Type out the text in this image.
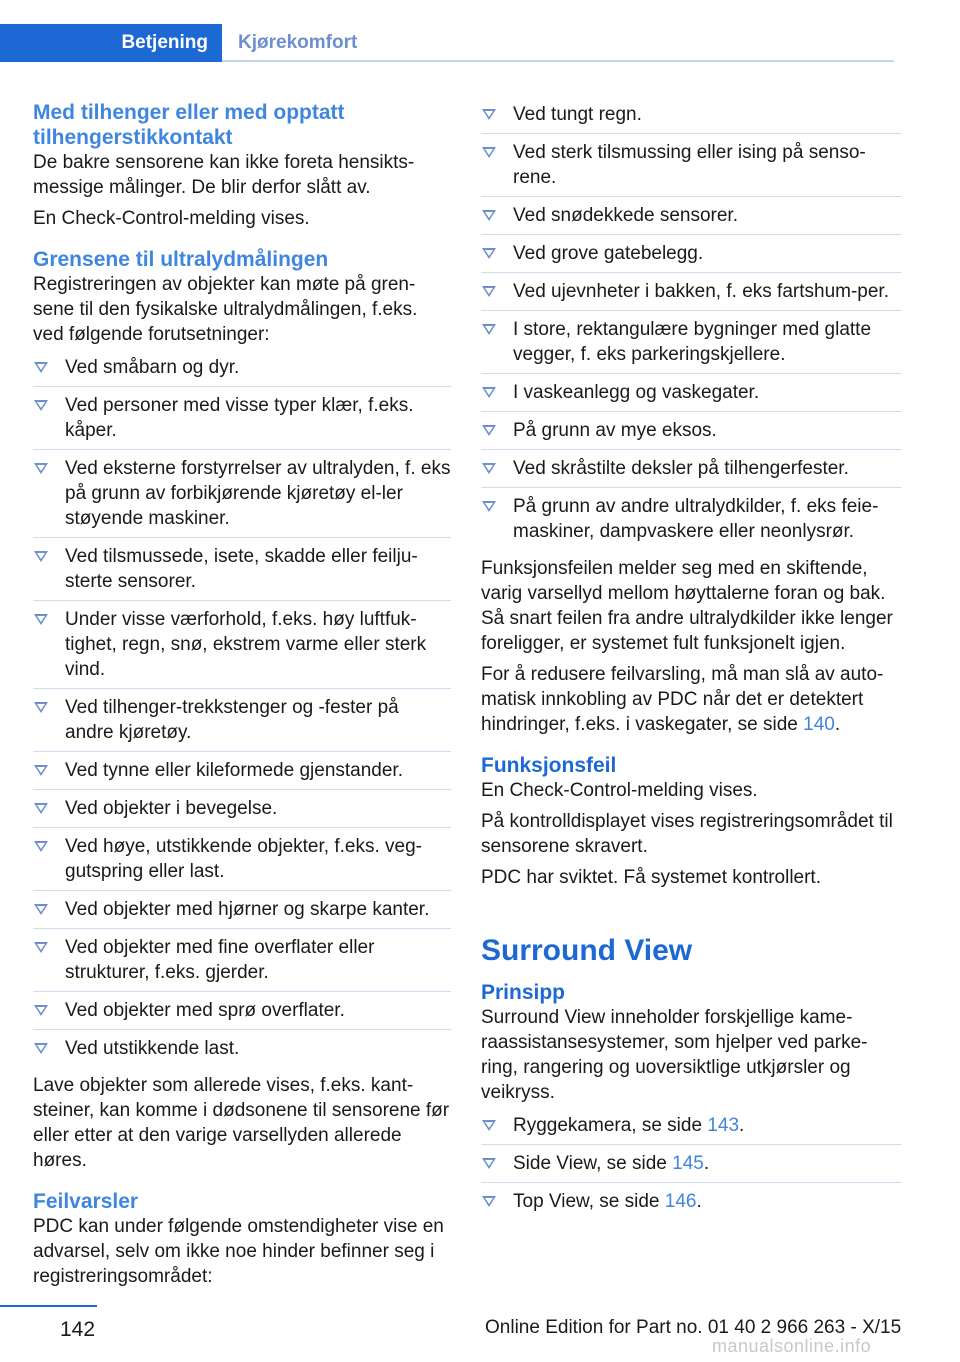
Betjening	Kjørekomfort
Med tilhenger eller med opptatt tilhengerstikkontakt

De bakre sensorene kan ikke foreta hensikts-messige målinger. De blir derfor slått av.

En Check-Control-melding vises.

Grensene til ultralydmålingen

Registreringen av objekter kan møte på gren-sene til den fysikalske ultralydmålingen, f.eks. ved følgende forutsetninger:

Ved småbarn og dyr.
Ved personer med visse typer klær, f.eks. kåper.
Ved eksterne forstyrrelser av ultralyden, f. eks på grunn av forbikjørende kjøretøy el-ler støyende maskiner.
Ved tilsmussede, isete, skadde eller feilju-sterte sensorer.
Under visse værforhold, f.eks. høy luftfuk-tighet, regn, snø, ekstrem varme eller sterk vind.
Ved tilhenger-trekkstenger og -fester på andre kjøretøy.
Ved tynne eller kileformede gjenstander.
Ved objekter i bevegelse.
Ved høye, utstikkende objekter, f.eks. veg-gutspring eller last.
Ved objekter med hjørner og skarpe kanter.
Ved objekter med fine overflater eller strukturer, f.eks. gjerder.
Ved objekter med sprø overflater.
Ved utstikkende last.

Lave objekter som allerede vises, f.eks. kant-steiner, kan komme i dødsonene til sensorene før eller etter at den varige varsellyden allerede høres.

Feilvarsler

PDC kan under følgende omstendigheter vise en advarsel, selv om ikke noe hinder befinner seg i registreringsområdet:

Ved tungt regn.
Ved sterk tilsmussing eller ising på senso-rene.
Ved snødekkede sensorer.
Ved grove gatebelegg.
Ved ujevnheter i bakken, f. eks fartshum-per.
I store, rektangulære bygninger med glatte vegger, f. eks parkeringskjellere.
I vaskeanlegg og vaskegater.
På grunn av mye eksos.
Ved skråstilte deksler på tilhengerfester.
På grunn av andre ultralydkilder, f. eks feie-maskiner, dampvaskere eller neonlysrør.

Funksjonsfeilen melder seg med en skiftende, varig varsellyd mellom høyttalerne foran og bak. Så snart feilen fra andre ultralydkilder ikke lenger foreligger, er systemet fult funksjonelt igjen.

For å redusere feilvarsling, må man slå av auto-matisk innkobling av PDC når det er detektert hindringer, f.eks. i vaskegater, se side 140.

Funksjonsfeil

En Check-Control-melding vises.

På kontrolldisplayet vises registreringsområdet til sensorene skravert.

PDC har sviktet. Få systemet kontrollert.

Surround View
Prinsipp

Surround View inneholder forskjellige kame-raassistansesystemer, som hjelper ved parke-ring, rangering og uoversiktlige utkjørsler og veikryss.

Ryggekamera, se side 143.
Side View, se side 145.
Top View, se side 146.
142	Online Edition for Part no. 01 40 2 966 263 - X/15
manualsonline.info
